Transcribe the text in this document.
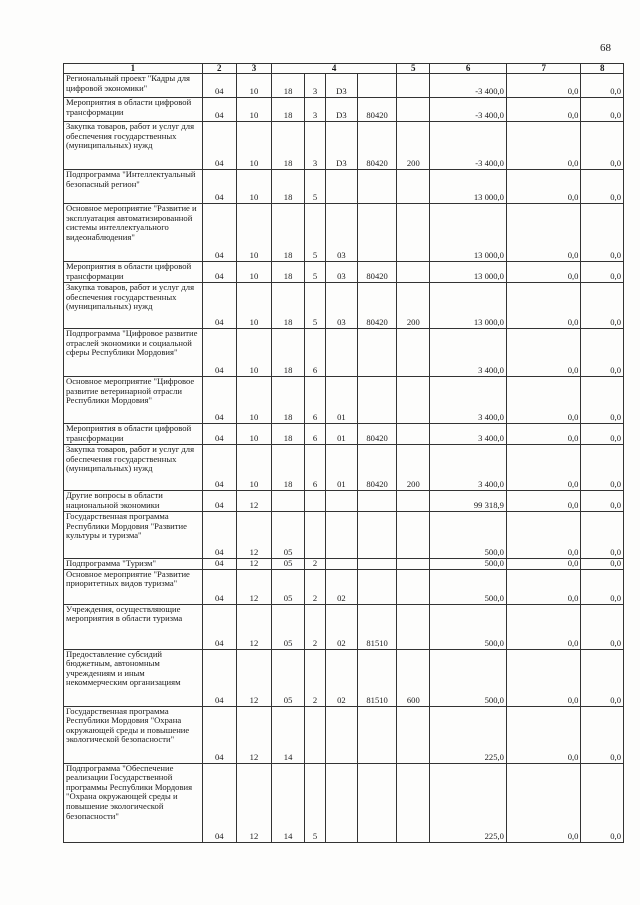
68
1	2	3	4				5	6	7	8
Региональный проект "Кадры для цифровой экономики"	04	10	18	3	D3			-3 400,0	0,0	0,0
Мероприятия в области цифровой трансформации	04	10	18	3	D3	80420		-3 400,0	0,0	0,0
Закупка товаров, работ и услуг для обеспечения государственных (муниципальных) нужд	04	10	18	3	D3	80420	200	-3 400,0	0,0	0,0
Подпрограмма "Интеллектуальный безопасный регион"	04	10	18	5				13 000,0	0,0	0,0
Основное мероприятие "Развитие и эксплуатация автоматизированной системы интеллектуального видеонаблюдения"	04	10	18	5	03			13 000,0	0,0	0,0
Мероприятия в области цифровой трансформации	04	10	18	5	03	80420		13 000,0	0,0	0,0
Закупка товаров, работ и услуг для обеспечения государственных (муниципальных) нужд	04	10	18	5	03	80420	200	13 000,0	0,0	0,0
Подпрограмма "Цифровое развитие отраслей экономики и социальной сферы Республики Мордовия"	04	10	18	6				3 400,0	0,0	0,0
Основное мероприятие "Цифровое развитие ветеринарной отрасли Республики Мордовия"	04	10	18	6	01			3 400,0	0,0	0,0
Мероприятия в области цифровой трансформации	04	10	18	6	01	80420		3 400,0	0,0	0,0
Закупка товаров, работ и услуг для обеспечения государственных (муниципальных) нужд	04	10	18	6	01	80420	200	3 400,0	0,0	0,0
Другие вопросы в области национальной экономики	04	12						99 318,9	0,0	0,0
Государственная программа Республики Мордовия "Развитие культуры и туризма"	04	12	05					500,0	0,0	0,0
Подпрограмма "Туризм"	04	12	05	2				500,0	0,0	0,0
Основное мероприятие "Развитие приоритетных видов туризма"	04	12	05	2	02			500,0	0,0	0,0
Учреждения, осуществляющие мероприятия в области туризма	04	12	05	2	02	81510		500,0	0,0	0,0
Предоставление субсидий бюджетным, автономным учреждениям и иным некоммерческим организациям	04	12	05	2	02	81510	600	500,0	0,0	0,0
Государственная программа Республики Мордовия "Охрана окружающей среды и повышение экологической безопасности"	04	12	14					225,0	0,0	0,0
Подпрограмма "Обеспечение реализации Государственной программы Республики Мордовия "Охрана окружающей среды и повышение экологической безопасности"	04	12	14	5				225,0	0,0	0,0
